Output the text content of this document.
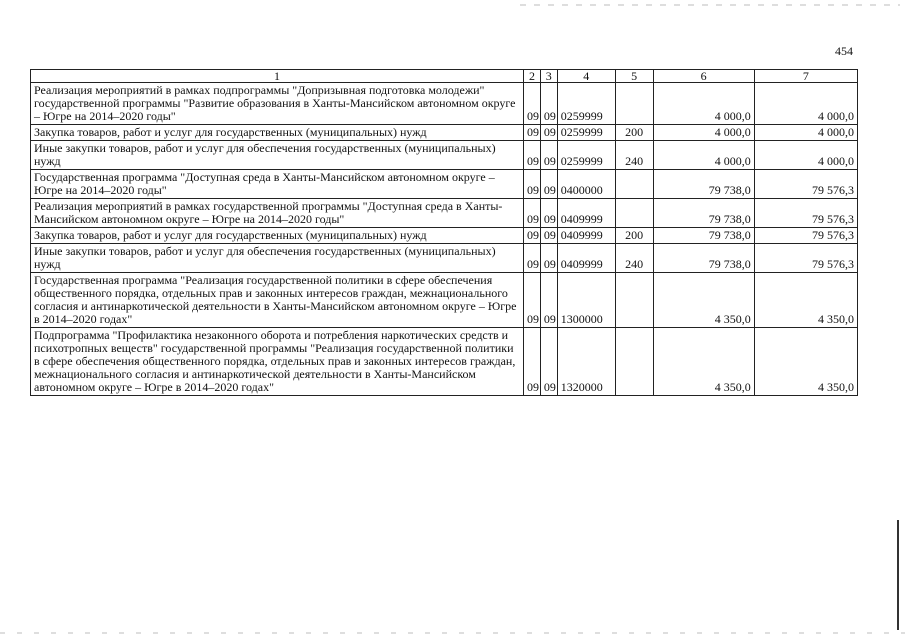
454
1	2	3	4	5	6	7
Реализация мероприятий в рамках подпрограммы "Допризывная подготовка молодежи" государственной программы "Развитие образования в Ханты-Мансийском автономном округе – Югре на 2014–2020 годы"	09	09	0259999		4 000,0	4 000,0
Закупка товаров, работ и услуг для государственных (муниципальных) нужд	09	09	0259999	200	4 000,0	4 000,0
Иные закупки товаров, работ и услуг для обеспечения государственных (муниципальных) нужд	09	09	0259999	240	4 000,0	4 000,0
Государственная программа "Доступная среда в Ханты-Мансийском автономном округе – Югре на 2014–2020 годы"	09	09	0400000		79 738,0	79 576,3
Реализация мероприятий в рамках государственной программы "Доступная среда в Ханты-Мансийском автономном округе – Югре на 2014–2020 годы"	09	09	0409999		79 738,0	79 576,3
Закупка товаров, работ и услуг для государственных (муниципальных) нужд	09	09	0409999	200	79 738,0	79 576,3
Иные закупки товаров, работ и услуг для обеспечения государственных (муниципальных) нужд	09	09	0409999	240	79 738,0	79 576,3
Государственная программа "Реализация государственной политики в сфере обеспечения общественного порядка, отдельных прав и законных интересов граждан, межнационального согласия и антинаркотической деятельности в Ханты-Мансийском автономном округе – Югре в 2014–2020 годах"	09	09	1300000		4 350,0	4 350,0
Подпрограмма "Профилактика незаконного оборота и потребления наркотических средств и психотропных веществ" государственной программы "Реализация государственной политики в сфере обеспечения общественного порядка, отдельных прав и законных интересов граждан, межнационального согласия и антинаркотической деятельности в Ханты-Мансийском автономном округе – Югре в 2014–2020 годах"	09	09	1320000		4 350,0	4 350,0
